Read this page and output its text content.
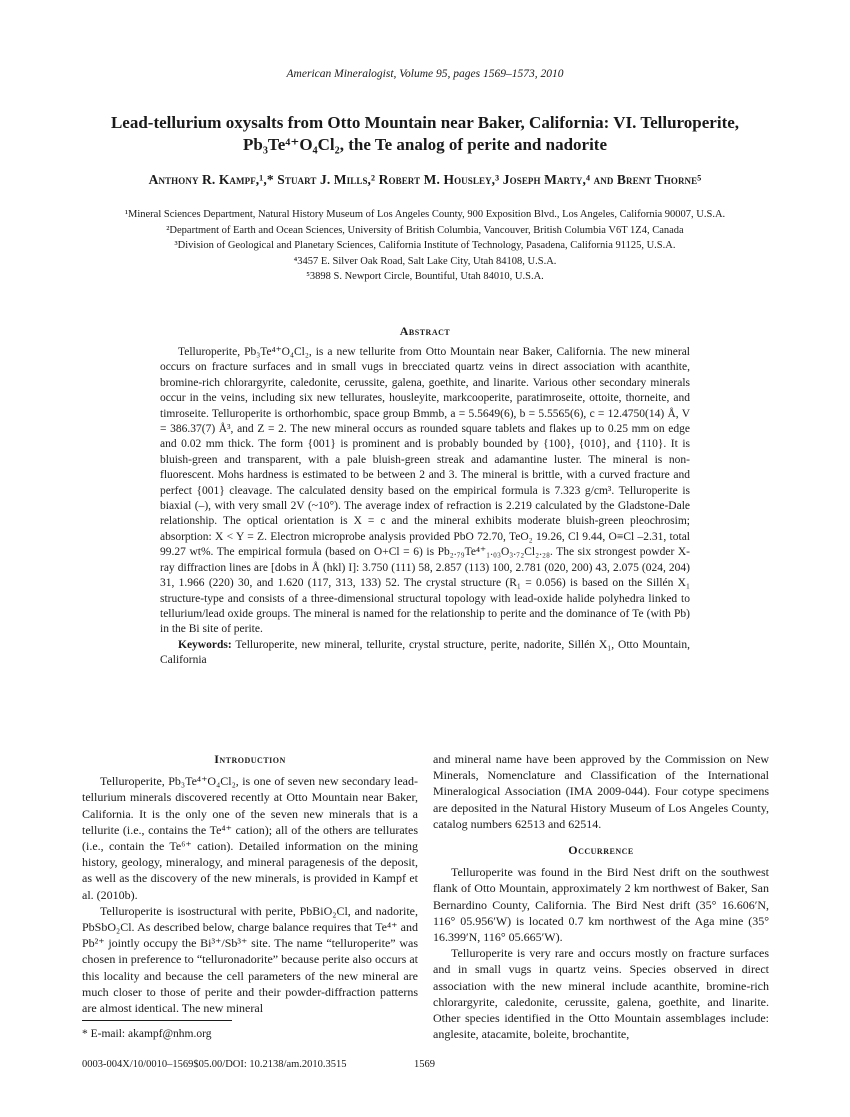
American Mineralogist, Volume 95, pages 1569–1573, 2010
Lead-tellurium oxysalts from Otto Mountain near Baker, California: VI. Telluroperite,
Pb₃Te⁴⁺O₄Cl₂, the Te analog of perite and nadorite
Anthony R. Kampf,¹,* Stuart J. Mills,² Robert M. Housley,³ Joseph Marty,⁴ and Brent Thorne⁵
¹Mineral Sciences Department, Natural History Museum of Los Angeles County, 900 Exposition Blvd., Los Angeles, California 90007, U.S.A.
²Department of Earth and Ocean Sciences, University of British Columbia, Vancouver, British Columbia V6T 1Z4, Canada
³Division of Geological and Planetary Sciences, California Institute of Technology, Pasadena, California 91125, U.S.A.
⁴3457 E. Silver Oak Road, Salt Lake City, Utah 84108, U.S.A.
⁵3898 S. Newport Circle, Bountiful, Utah 84010, U.S.A.
Abstract

Telluroperite, Pb₃Te⁴⁺O₄Cl₂, is a new tellurite from Otto Mountain near Baker, California. The new mineral occurs on fracture surfaces and in small vugs in brecciated quartz veins in direct association with acanthite, bromine-rich chlorargyrite, caledonite, cerussite, galena, goethite, and linarite. Various other secondary minerals occur in the veins, including six new tellurates, housleyite, markcooperite, paratimroseite, ottoite, thorneite, and timroseite. Telluroperite is orthorhombic, space group Bmmb, a = 5.5649(6), b = 5.5565(6), c = 12.4750(14) Å, V = 386.37(7) Å³, and Z = 2. The new mineral occurs as rounded square tablets and flakes up to 0.25 mm on edge and 0.02 mm thick. The form {001} is prominent and is probably bounded by {100}, {010}, and {110}. It is bluish-green and transparent, with a pale bluish-green streak and adamantine luster. The mineral is non-fluorescent. Mohs hardness is estimated to be between 2 and 3. The mineral is brittle, with a curved fracture and perfect {001} cleavage. The calculated density based on the empirical formula is 7.323 g/cm³. Telluroperite is biaxial (–), with very small 2V (~10°). The average index of refraction is 2.219 calculated by the Gladstone-Dale relationship. The optical orientation is X = c and the mineral exhibits moderate bluish-green pleochrosim; absorption: X < Y = Z. Electron microprobe analysis provided PbO 72.70, TeO₂ 19.26, Cl 9.44, O≡Cl –2.31, total 99.27 wt%. The empirical formula (based on O+Cl = 6) is Pb₂.₇₉Te⁴⁺₁.₀₃O₃.₇₂Cl₂.₂₈. The six strongest powder X-ray diffraction lines are [dobs in Å (hkl) I]: 3.750 (111) 58, 2.857 (113) 100, 2.781 (020, 200) 43, 2.075 (024, 204) 31, 1.966 (220) 30, and 1.620 (117, 313, 133) 52. The crystal structure (R₁ = 0.056) is based on the Sillén X₁ structure-type and consists of a three-dimensional structural topology with lead-oxide halide polyhedra linked to tellurium/lead oxide groups. The mineral is named for the relationship to perite and the dominance of Te (with Pb) in the Bi site of perite.

Keywords: Telluroperite, new mineral, tellurite, crystal structure, perite, nadorite, Sillén X₁, Otto Mountain, California

Introduction

Telluroperite, Pb₃Te⁴⁺O₄Cl₂, is one of seven new secondary lead-tellurium minerals discovered recently at Otto Mountain near Baker, California. It is the only one of the seven new minerals that is a tellurite (i.e., contains the Te⁴⁺ cation); all of the others are tellurates (i.e., contain the Te⁶⁺ cation). Detailed information on the mining history, geology, mineralogy, and mineral paragenesis of the deposit, as well as the discovery of the new minerals, is provided in Kampf et al. (2010b).

Telluroperite is isostructural with perite, PbBiO₂Cl, and nadorite, PbSbO₂Cl. As described below, charge balance requires that Te⁴⁺ and Pb²⁺ jointly occupy the Bi³⁺/Sb³⁺ site. The name “telluroperite” was chosen in preference to “telluronadorite” because perite also occurs at this locality and because the cell parameters of the new mineral are much closer to those of perite and their powder-diffraction patterns are almost identical. The new mineral

and mineral name have been approved by the Commission on New Minerals, Nomenclature and Classification of the International Mineralogical Association (IMA 2009-044). Four cotype specimens are deposited in the Natural History Museum of Los Angeles County, catalog numbers 62513 and 62514.

Occurrence

Telluroperite was found in the Bird Nest drift on the southwest flank of Otto Mountain, approximately 2 km northwest of Baker, San Bernardino County, California. The Bird Nest drift (35° 16.606′N, 116° 05.956′W) is located 0.7 km northwest of the Aga mine (35° 16.399′N, 116° 05.665′W).

Telluroperite is very rare and occurs mostly on fracture surfaces and in small vugs in quartz veins. Species observed in direct association with the new mineral include acanthite, bromine-rich chlorargyrite, caledonite, cerussite, galena, goethite, and linarite. Other species identified in the Otto Mountain assemblages include: anglesite, atacamite, boleite, brochantite,

* E-mail: akampf@nhm.org
0003-004X/10/0010–1569$05.00/DOI: 10.2138/am.2010.3515	1569
